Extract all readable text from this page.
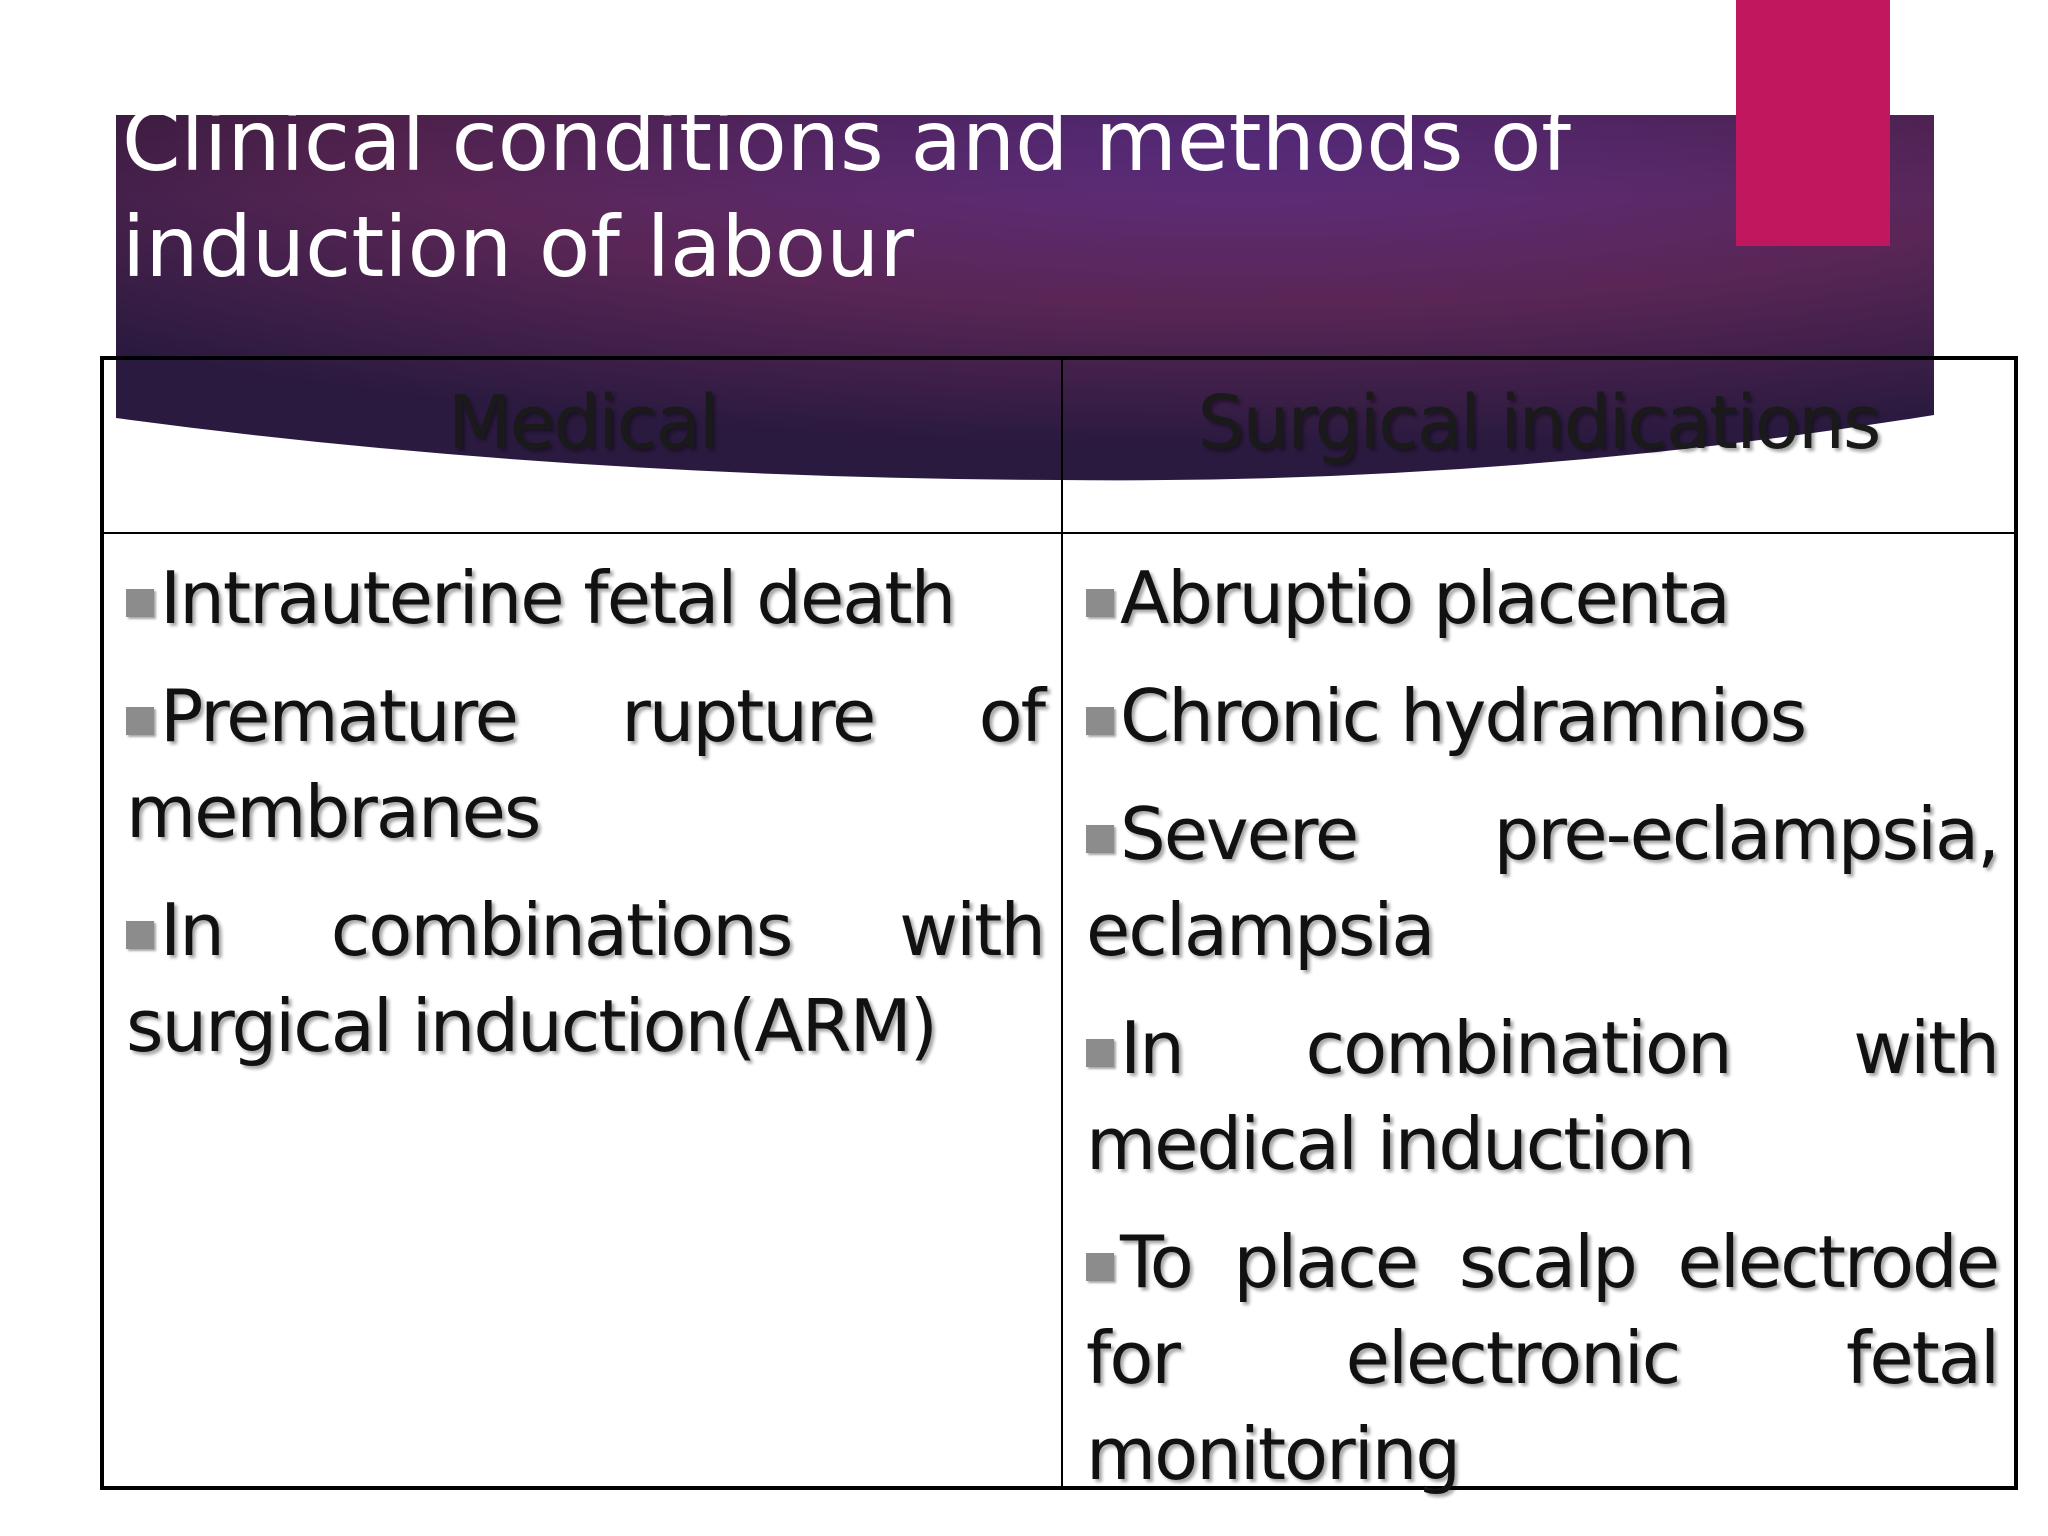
Clinical conditions and methods of induction of labour
Medical	Surgical indications
Intrauterine fetal death
Premature rupture of membranes
In combinations with surgical induction(ARM)
Abruptio placenta
Chronic hydramnios
Severe pre-eclampsia, eclampsia
In combination with medical induction
To place scalp electrode for electronic fetal monitoring
